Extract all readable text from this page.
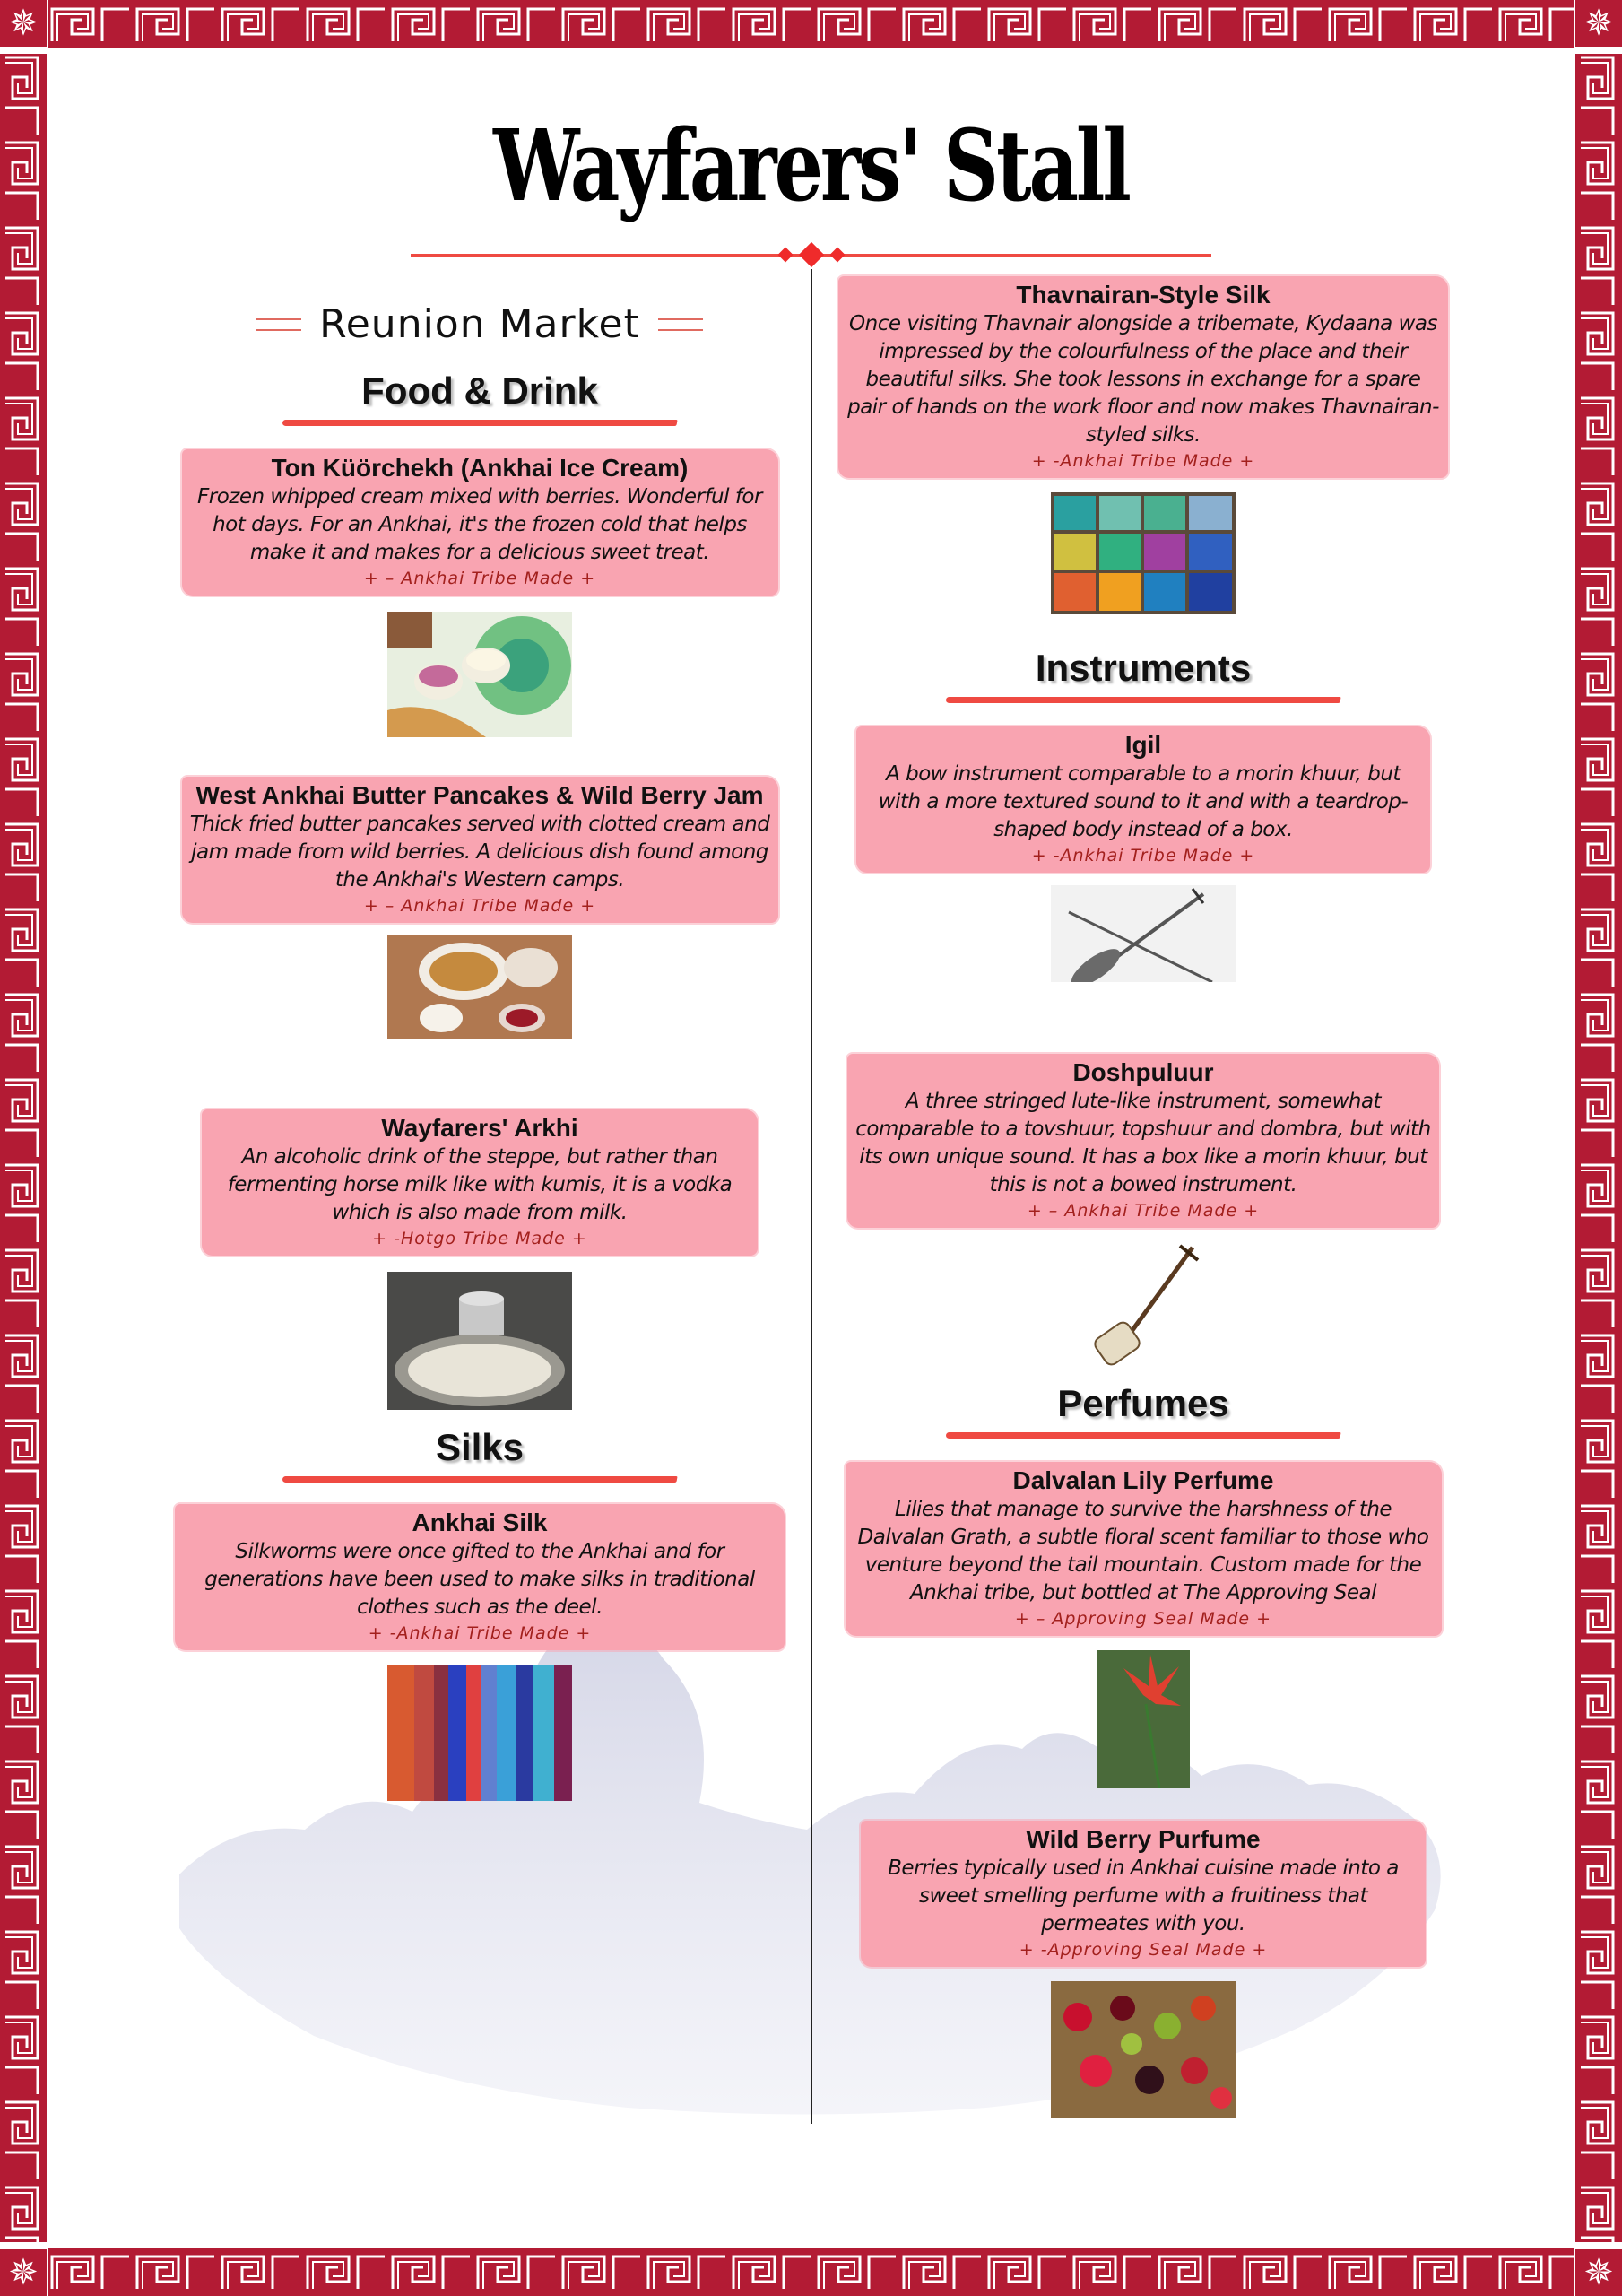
✵	✵
✵	✵
Wayfarers' Stall
Reunion Market
Food & Drink
Ton Küörchekh (Ankhai Ice Cream)
Frozen whipped cream mixed with berries. Wonderful for hot days. For an Ankhai, it's the frozen cold that helps make it and makes for a delicious sweet treat.
+ – Ankhai Tribe Made +
West Ankhai Butter Pancakes & Wild Berry Jam
Thick fried butter pancakes served with clotted cream and jam made from wild berries. A delicious dish found among the Ankhai's Western camps.
+ – Ankhai Tribe Made +
Wayfarers' Arkhi
An alcoholic drink of the steppe, but rather than fermenting horse milk like with kumis, it is a vodka which is also made from milk.
+ -Hotgo Tribe Made +
Silks
Ankhai Silk
Silkworms were once gifted to the Ankhai and for generations have been used to make silks in traditional clothes such as the deel.
+ -Ankhai Tribe Made +
Thavnairan-Style Silk
Once visiting Thavnair alongside a tribemate, Kydaana was impressed by the colourfulness of the place and their beautiful silks. She took lessons in exchange for a spare pair of hands on the work floor and now makes Thavnairan-styled silks.
+ -Ankhai Tribe Made +
Instruments
Igil
A bow instrument comparable to a morin khuur, but with a more textured sound to it and with a teardrop-shaped body instead of a box.
+ -Ankhai Tribe Made +
Doshpuluur
A three stringed lute-like instrument, somewhat comparable to a tovshuur, topshuur and dombra, but with its own unique sound. It has a box like a morin khuur, but this is not a bowed instrument.
+ – Ankhai Tribe Made +
Perfumes
Dalvalan Lily Perfume
Lilies that manage to survive the harshness of the Dalvalan Grath, a subtle floral scent familiar to those who venture beyond the tail mountain. Custom made for the Ankhai tribe, but bottled at The Approving Seal
+ – Approving Seal Made +
Wild Berry Purfume
Berries typically used in Ankhai cuisine made into a sweet smelling perfume with a fruitiness that permeates with you.
+ -Approving Seal Made +
